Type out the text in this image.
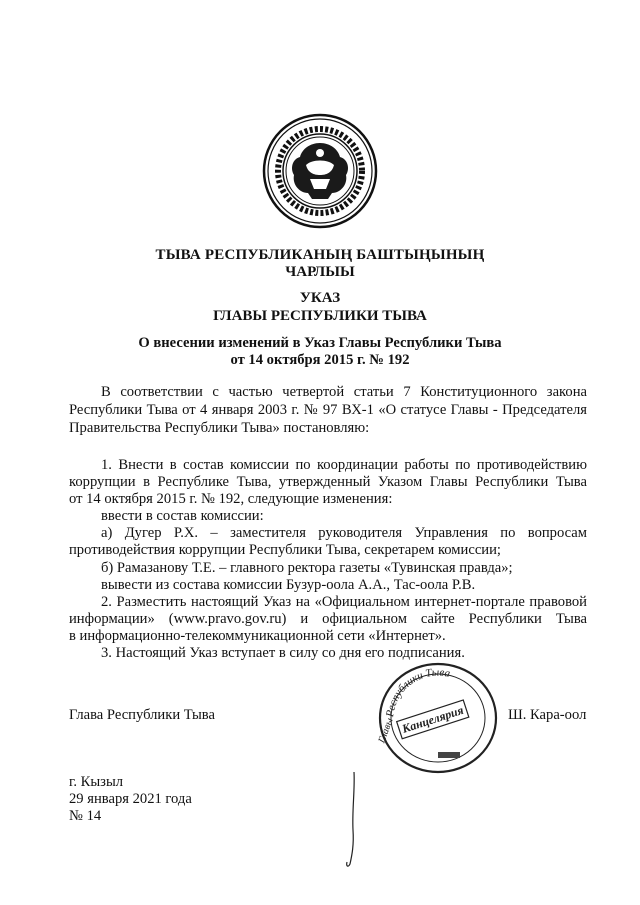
ТЫВА РЕСПУБЛИКАНЫҢ БАШТЫҢЫНЫҢ
ЧАРЛЫЫ
УКАЗ
ГЛАВЫ РЕСПУБЛИКИ ТЫВА
О внесении изменений в Указ Главы Республики Тыва
от 14 октября 2015 г. № 192
В соответствии с частью четвертой статьи 7 Конституционного закона
Республики Тыва от 4 января 2003 г. № 97 ВХ-1 «О статусе Главы - Председателя
Правительства Республики Тыва» постановляю:
1. Внести в состав комиссии по координации работы по противодействию
коррупции в Республике Тыва, утвержденный Указом Главы Республики Тыва
от 14 октября 2015 г. № 192, следующие изменения:
ввести в состав комиссии:
а) Дугер Р.Х. – заместителя руководителя Управления по вопросам
противодействия коррупции Республики Тыва, секретарем комиссии;
б) Рамазанову Т.Е. – главного ректора газеты «Тувинская правда»;
вывести из состава комиссии Бузур-оола А.А., Тас-оола Р.В.
2. Разместить настоящий Указ на «Официальном интернет-портале правовой
информации» (www.pravo.gov.ru) и официальном сайте Республики Тыва
в информационно-телекоммуникационной сети «Интернет».
3. Настоящий Указ вступает в силу со дня его подписания.
Глава Республики Тыва	Ш. Кара-оол
Республики Тыва
Главы Канцелярия
г. Кызыл
29 января 2021 года
№ 14
